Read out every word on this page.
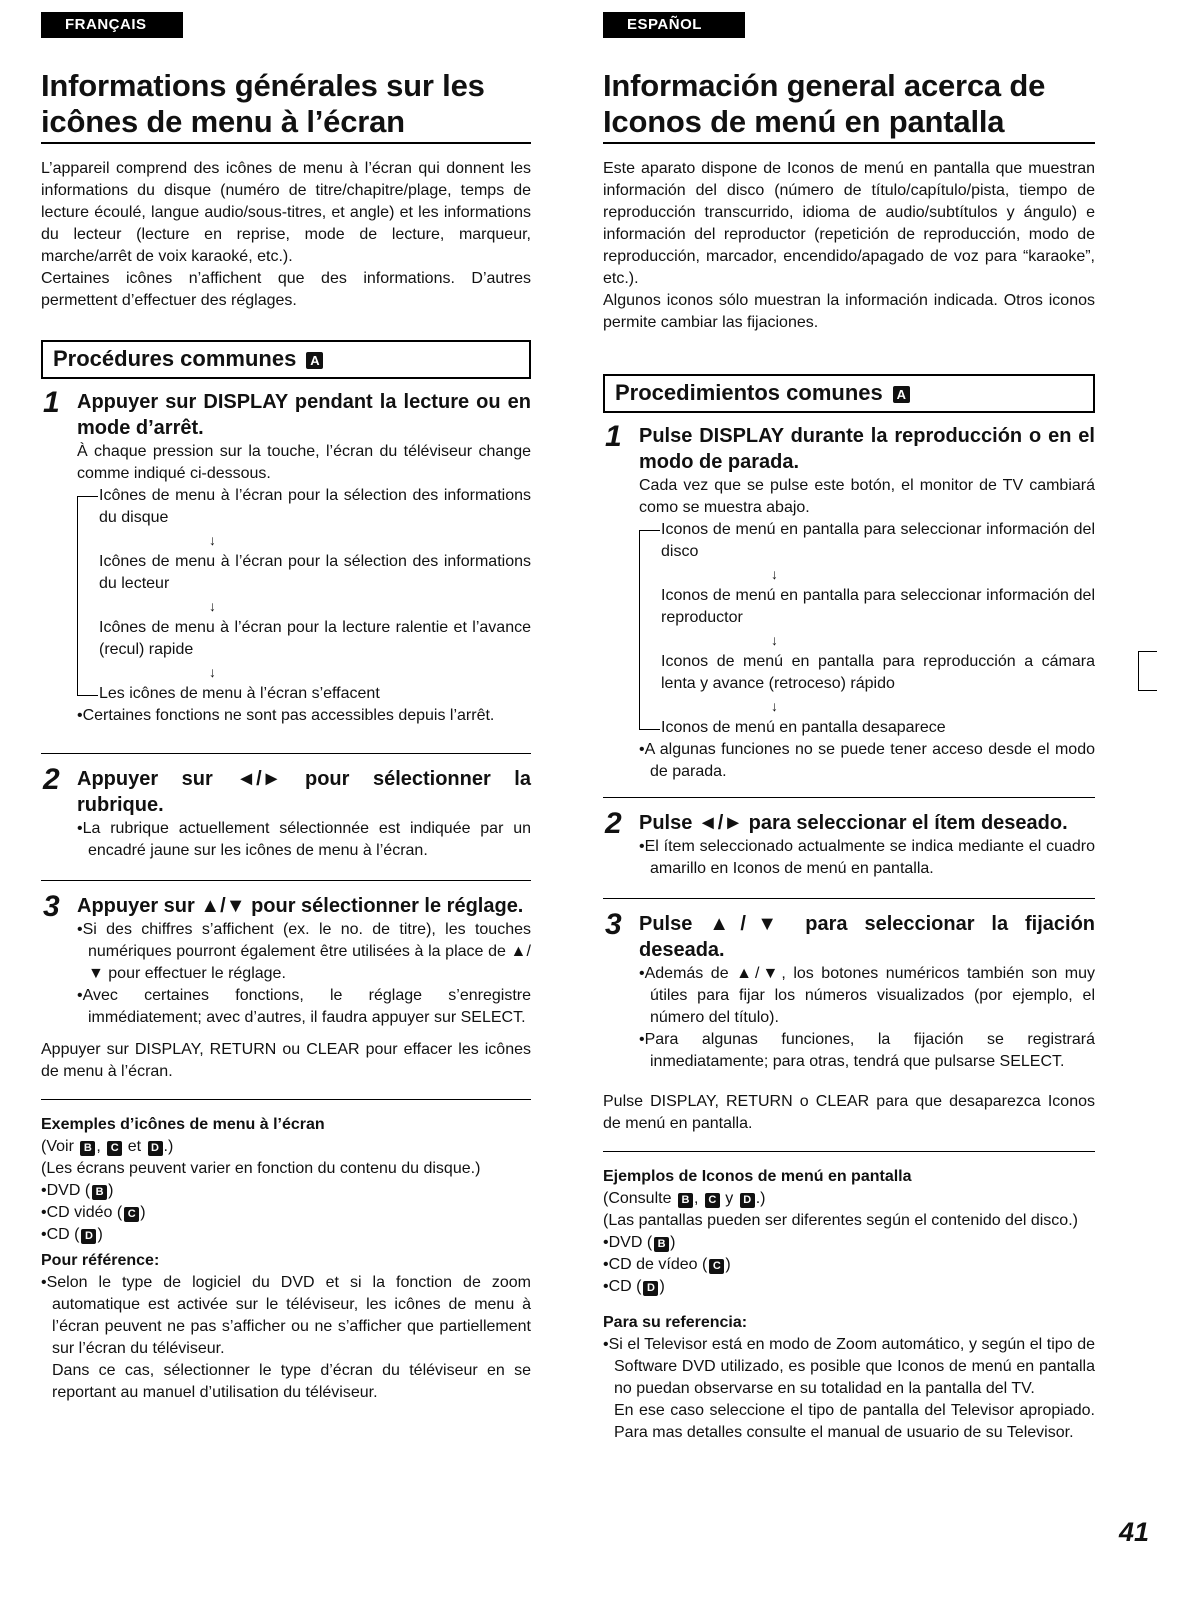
FRANÇAIS
Informations générales sur les
icônes de menu à l’écran

L’appareil comprend des icônes de menu à l’écran qui donnent les informations du disque (numéro de titre/chapitre/plage, temps de lecture écoulé, langue audio/sous-titres, et angle) et les informations du lecteur (lecture en reprise, mode de lecture, marqueur, marche/arrêt de voix karaoké, etc.).

Certaines icônes n’affichent que des informations. D’autres permettent d’effectuer des réglages.

Procédures communes A
1 Appuyer sur DISPLAY pendant la lecture ou en mode d’arrêt.

À chaque pression sur la touche, l’écran du téléviseur change comme indiqué ci-dessous.

Icônes de menu à l’écran pour la sélection des informations du disque

↓

Icônes de menu à l’écran pour la sélection des informations du lecteur

↓

Icônes de menu à l’écran pour la lecture ralentie et l’avance (recul) rapide

↓

Les icônes de menu à l’écran s’effacent

•Certaines fonctions ne sont pas accessibles depuis l’arrêt.

2 Appuyer sur ◄/► pour sélectionner la rubrique.

•La rubrique actuellement sélectionnée est indiquée par un encadré jaune sur les icônes de menu à l’écran.

3 Appuyer sur ▲/▼ pour sélectionner le réglage.

•Si des chiffres s’affichent (ex. le no. de titre), les touches numériques pourront également être utilisées à la place de ▲/▼ pour effectuer le réglage.

•Avec certaines fonctions, le réglage s’enregistre immédiatement; avec d’autres, il faudra appuyer sur SELECT.

Appuyer sur DISPLAY, RETURN ou CLEAR pour effacer les icônes de menu à l’écran.

Exemples d’icônes de menu à l’écran

(Voir B , C et D .)

(Les écrans peuvent varier en fonction du contenu du disque.)

•DVD ( B )

•CD vidéo ( C )

•CD ( D )

Pour référence:

•Selon le type de logiciel du DVD et si la fonction de zoom automatique est activée sur le téléviseur, les icônes de menu à l’écran peuvent ne pas s’afficher ou ne s’afficher que partiellement sur l’écran du téléviseur.

Dans ce cas, sélectionner le type d’écran du téléviseur en se reportant au manuel d’utilisation du téléviseur.

ESPAÑOL
Información general acerca de
Iconos de menú en pantalla

Este aparato dispone de Iconos de menú en pantalla que muestran información del disco (número de título/capítulo/pista, tiempo de reproducción transcurrido, idioma de audio/subtítulos y ángulo) e información del reproductor (repetición de reproducción, modo de reproducción, marcador, encendido/apagado de voz para “karaoke”, etc.).

Algunos iconos sólo muestran la información indicada. Otros iconos permite cambiar las fijaciones.

Procedimientos comunes A
1 Pulse DISPLAY durante la reproducción o en el modo de parada.

Cada vez que se pulse este botón, el monitor de TV cambiará como se muestra abajo.

Iconos de menú en pantalla para seleccionar información del disco

↓

Iconos de menú en pantalla para seleccionar información del reproductor

↓

Iconos de menú en pantalla para reproducción a cámara lenta y avance (retroceso) rápido

↓

Iconos de menú en pantalla desaparece

•A algunas funciones no se puede tener acceso desde el modo de parada.

2 Pulse ◄/► para seleccionar el ítem deseado.

•El ítem seleccionado actualmente se indica mediante el cuadro amarillo en Iconos de menú en pantalla.

3 Pulse ▲/▼ para seleccionar la fijación deseada.

•Además de ▲/▼, los botones numéricos también son muy útiles para fijar los números visualizados (por ejemplo, el número del título).

•Para algunas funciones, la fijación se registrará inmediatamente; para otras, tendrá que pulsarse SELECT.

Pulse DISPLAY, RETURN o CLEAR para que desaparezca Iconos de menú en pantalla.

Ejemplos de Iconos de menú en pantalla

(Consulte B , C y D .)

(Las pantallas pueden ser diferentes según el contenido del disco.)

•DVD ( B )

•CD de vídeo ( C )

•CD ( D )

Para su referencia:

•Si el Televisor está en modo de Zoom automático, y según el tipo de Software DVD utilizado, es posible que Iconos de menú en pantalla no puedan observarse en su totalidad en la pantalla del TV.

En ese caso seleccione el tipo de pantalla del Televisor apropiado. Para mas detalles consulte el manual de usuario de su Televisor.

41
